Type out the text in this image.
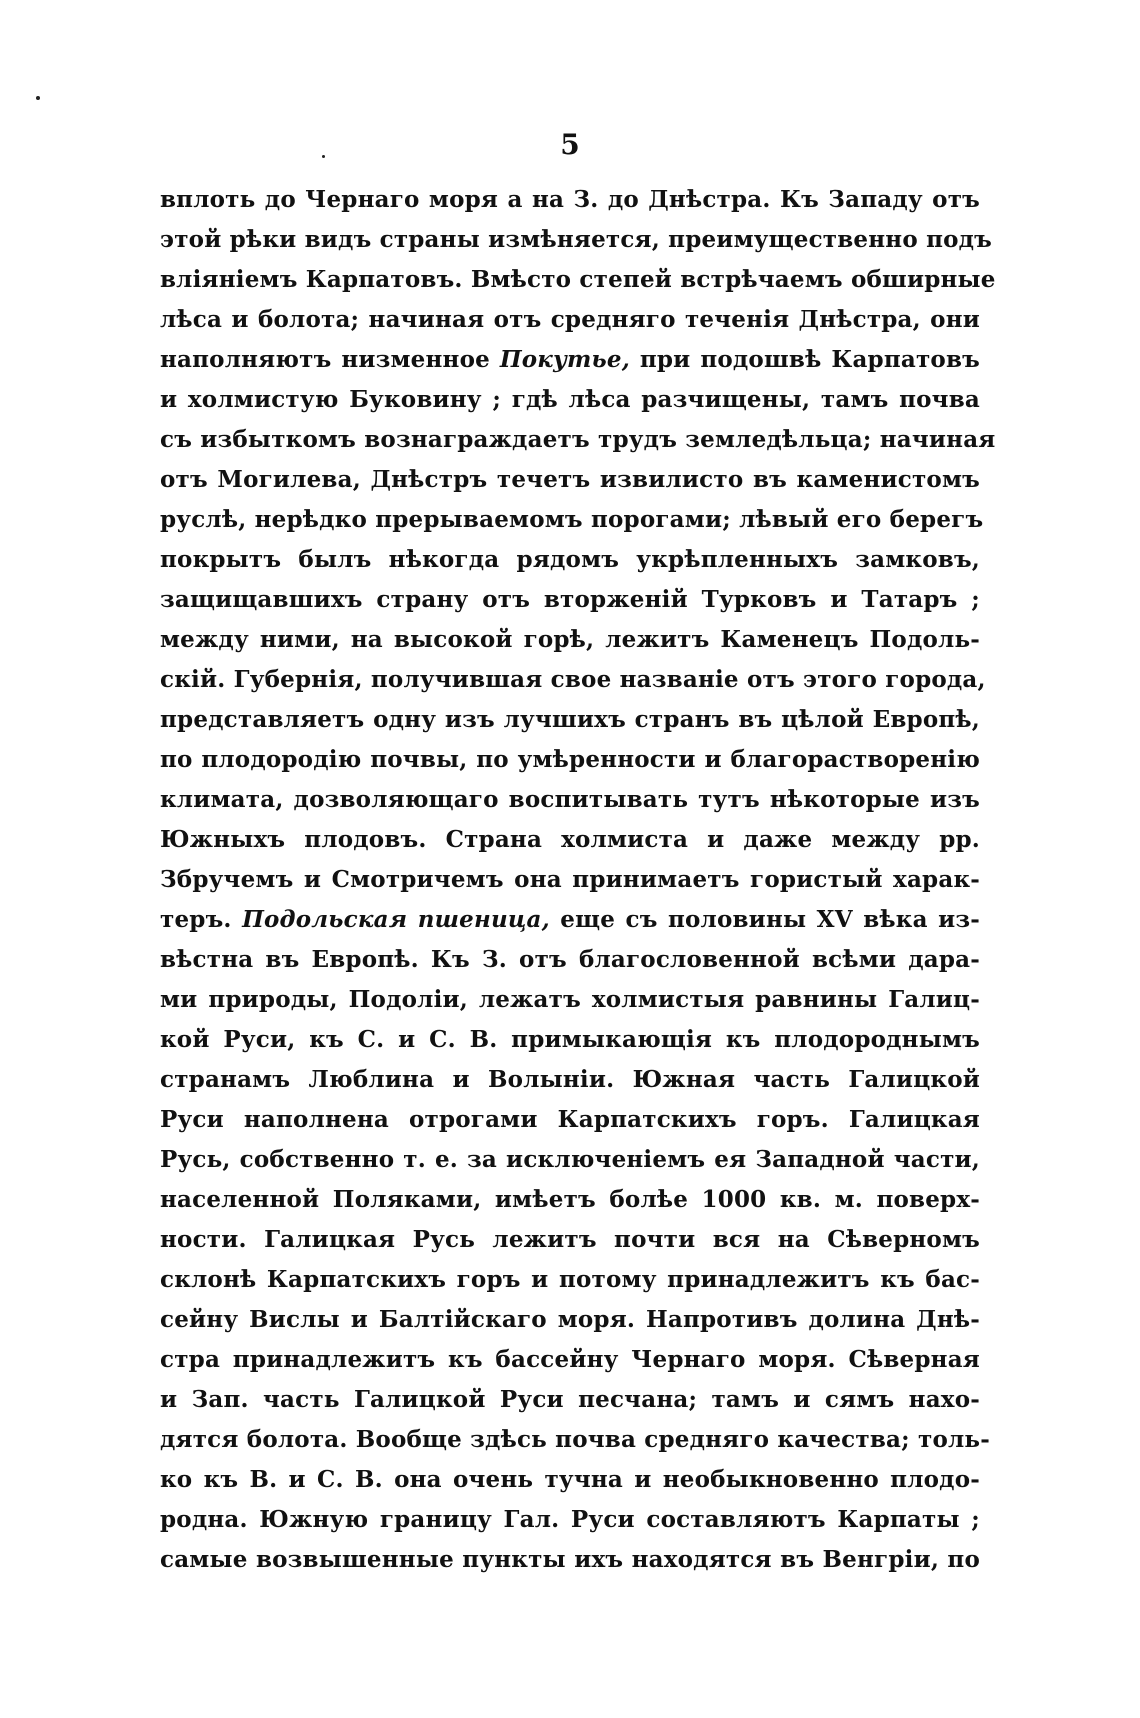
5
вплоть до Чернаго моря а на З. до Днѣстра. Къ Западу отъ
этой рѣки видъ страны измѣняется, преимущественно подъ
вліяніемъ Карпатовъ. Вмѣсто степей встрѣчаемъ обширные
лѣса и болота; начиная отъ средняго теченія Днѣстра, они
наполняютъ низменное Покутье, при подошвѣ Карпатовъ
и холмистую Буковину ; гдѣ лѣса разчищены, тамъ почва
съ избыткомъ вознаграждаетъ трудъ земледѣльца; начиная
отъ Могилева, Днѣстръ течетъ извилисто въ каменистомъ
руслѣ, нерѣдко прерываемомъ порогами; лѣвый его берегъ
покрытъ былъ нѣкогда рядомъ укрѣпленныхъ замковъ,
защищавшихъ страну отъ вторженій Турковъ и Татаръ ;
между ними, на высокой горѣ, лежитъ Каменецъ Подоль-
скій. Губернія, получившая свое названіе отъ этого города,
представляетъ одну изъ лучшихъ странъ въ цѣлой Европѣ,
по плодородію почвы, по умѣренности и благорастворенію
климата, дозволяющаго воспитывать тутъ нѣкоторые изъ
Южныхъ плодовъ. Страна холмиста и даже между рр.
Збручемъ и Смотричемъ она принимаетъ гористый харак-
теръ. Подольская пшеница, еще съ половины XV вѣка из-
вѣстна въ Европѣ. Къ З. отъ благословенной всѣми дара-
ми природы, Подоліи, лежатъ холмистыя равнины Галиц-
кой Руси, къ С. и С. В. примыкающія къ плодороднымъ
странамъ Люблина и Волыніи. Южная часть Галицкой
Руси наполнена отрогами Карпатскихъ горъ. Галицкая
Русь, собственно т. е. за исключеніемъ ея Западной части,
населенной Поляками, имѣетъ болѣе 1000 кв. м. поверх-
ности. Галицкая Русь лежитъ почти вся на Сѣверномъ
склонѣ Карпатскихъ горъ и потому принадлежитъ къ бас-
сейну Вислы и Балтійскаго моря. Напротивъ долина Днѣ-
стра принадлежитъ къ бассейну Чернаго моря. Сѣверная
и Зап. часть Галицкой Руси песчана; тамъ и сямъ нахо-
дятся болота. Вообще здѣсь почва средняго качества; толь-
ко къ В. и С. В. она очень тучна и необыкновенно плодо-
родна. Южную границу Гал. Руси составляютъ Карпаты ;
самые возвышенные пункты ихъ находятся въ Венгріи, по
